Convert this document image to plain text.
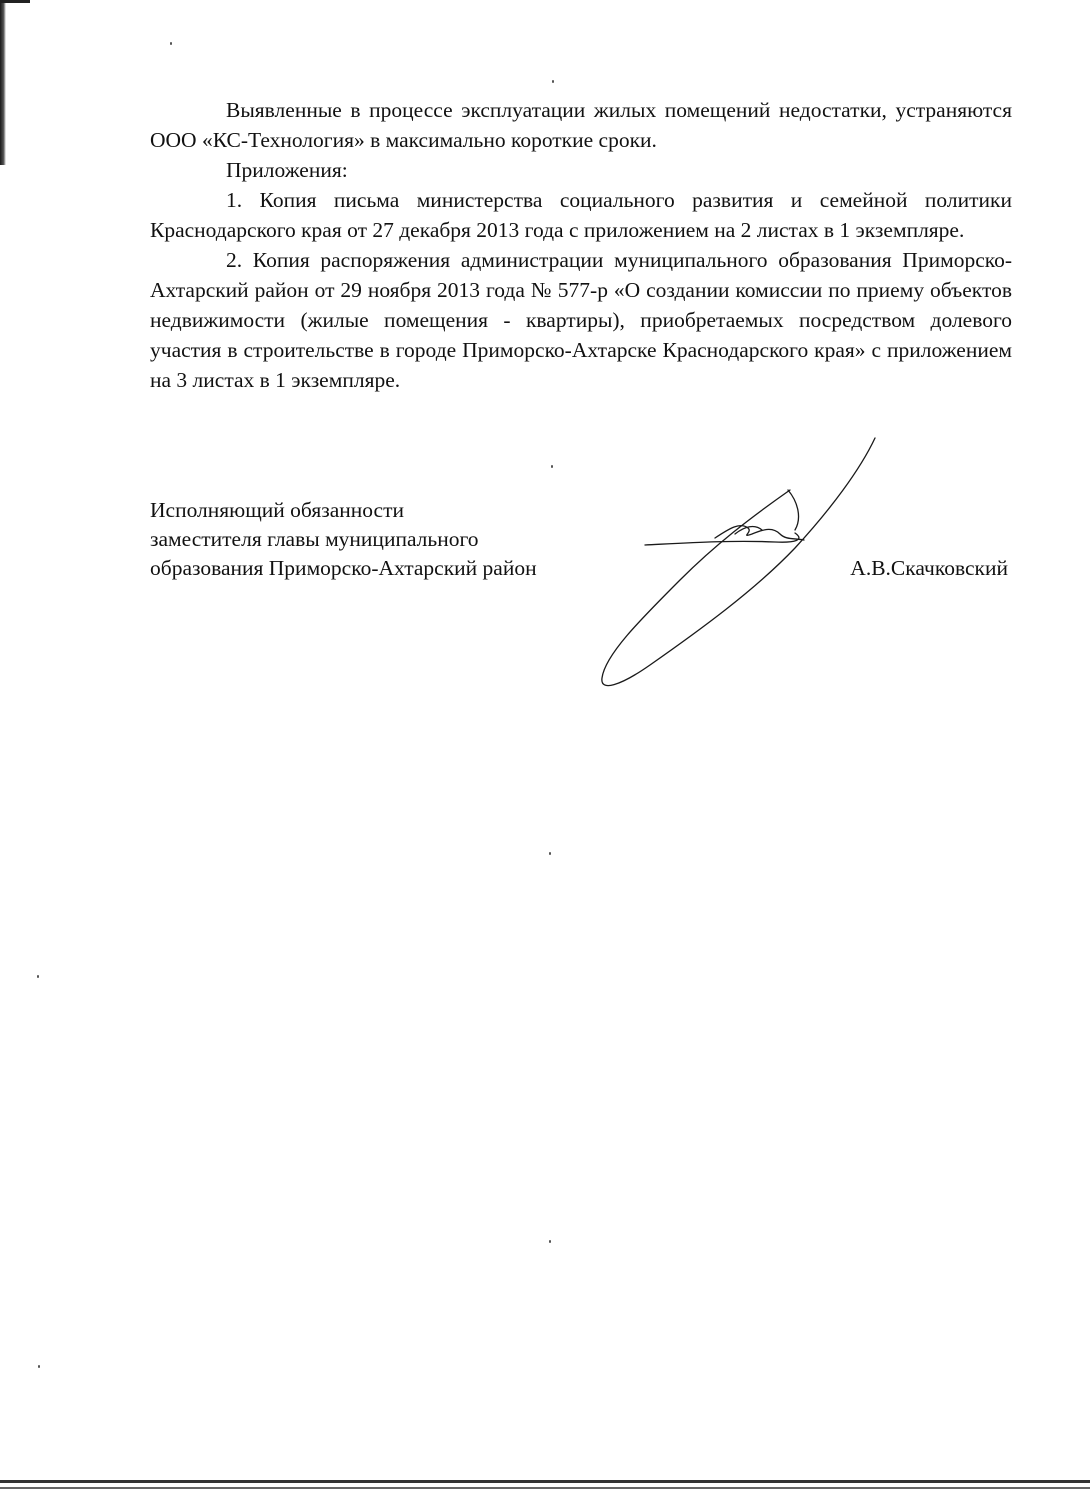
Выявленные в процессе эксплуатации жилых помещений недостатки, устраняются ООО «КС-Технология» в максимально короткие сроки.

Приложения:

1. Копия письма министерства социального развития и семейной политики Краснодарского края от 27 декабря 2013 года с приложением на 2 листах в 1 экземпляре.

2. Копия распоряжения администрации муниципального образования Приморско-Ахтарский район от 29 ноября 2013 года № 577-р «О создании комиссии по приему объектов недвижимости (жилые помещения - квартиры), приобретаемых посредством долевого участия в строительстве в городе Приморско-Ахтарске Краснодарского края» с приложением на 3 листах в 1 экземпляре.

Исполняющий обязанности
заместителя главы муниципального
образования Приморско-Ахтарский район	А.В.Скачковский
